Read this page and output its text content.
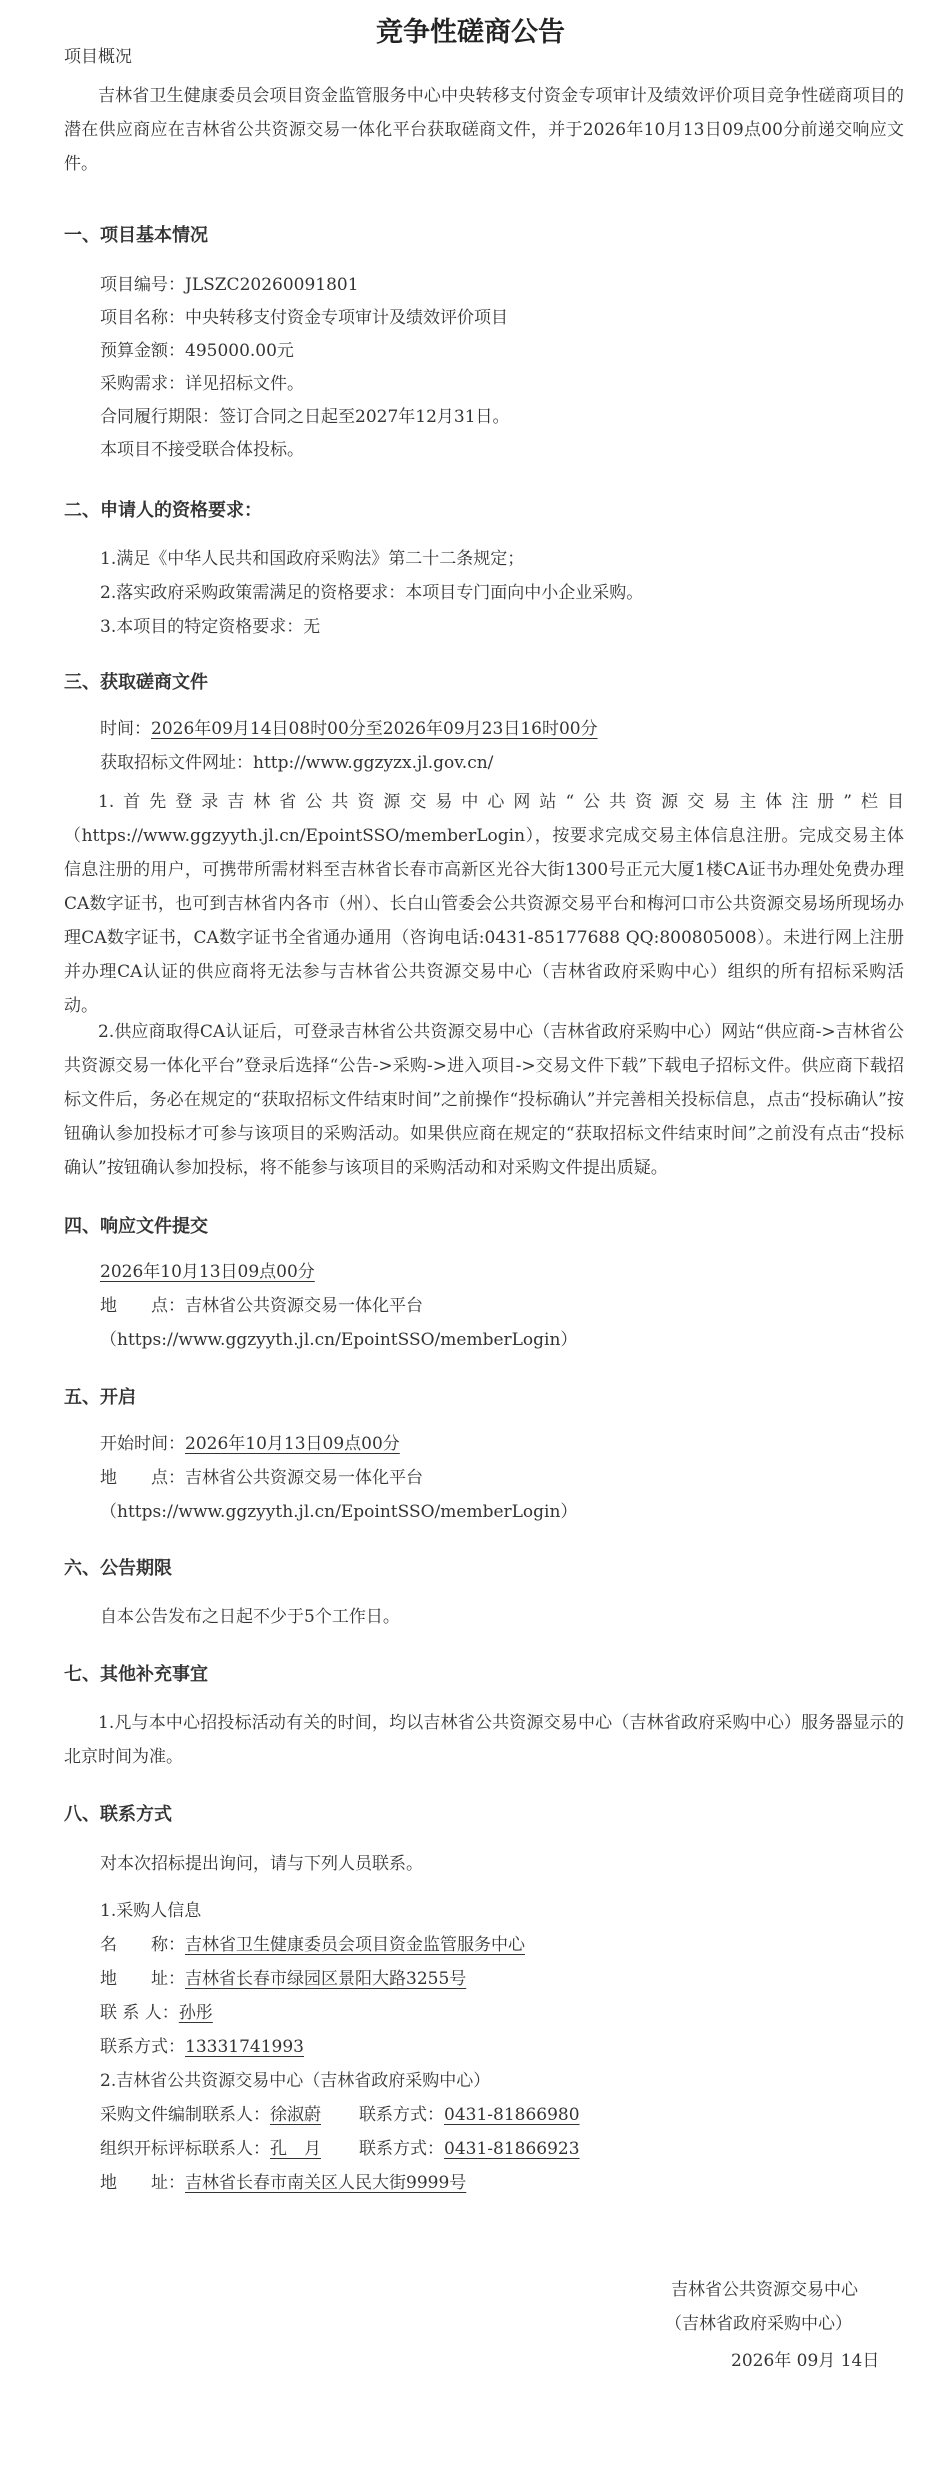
竞争性磋商公告
项目概况

吉林省卫生健康委员会项目资金监管服务中心中央转移支付资金专项审计及绩效评价项目竞争性磋商项目的潜在供应商应在吉林省公共资源交易一体化平台获取磋商文件，并于2026年10月13日09点00分前递交响应文件。

一、项目基本情况
项目编号：JLSZC20260091801
项目名称：中央转移支付资金专项审计及绩效评价项目
预算金额：495000.00元
采购需求：详见招标文件。
合同履行期限：签订合同之日起至2027年12月31日。
本项目不接受联合体投标。
二、申请人的资格要求：
1.满足《中华人民共和国政府采购法》第二十二条规定；
2.落实政府采购政策需满足的资格要求：本项目专门面向中小企业采购。
3.本项目的特定资格要求：无
三、获取磋商文件
时间：2026年09月14日08时00分至2026年09月23日16时00分
获取招标文件网址：http://www.ggzyzx.jl.gov.cn/

1.首先登录吉林省公共资源交易中心网站“公共资源交易主体注册”栏目（https://www.ggzyyth.jl.cn/EpointSSO/memberLogin），按要求完成交易主体信息注册。完成交易主体信息注册的用户，可携带所需材料至吉林省长春市高新区光谷大街1300号正元大厦1楼CA证书办理处免费办理CA数字证书，也可到吉林省内各市（州）、长白山管委会公共资源交易平台和梅河口市公共资源交易场所现场办理CA数字证书，CA数字证书全省通办通用（咨询电话:0431-85177688 QQ:800805008）。未进行网上注册并办理CA认证的供应商将无法参与吉林省公共资源交易中心（吉林省政府采购中心）组织的所有招标采购活动。

2.供应商取得CA认证后，可登录吉林省公共资源交易中心（吉林省政府采购中心）网站“供应商->吉林省公共资源交易一体化平台”登录后选择“公告->采购->进入项目->交易文件下载”下载电子招标文件。供应商下载招标文件后，务必在规定的“获取招标文件结束时间”之前操作“投标确认”并完善相关投标信息，点击“投标确认”按钮确认参加投标才可参与该项目的采购活动。如果供应商在规定的“获取招标文件结束时间”之前没有点击“投标确认”按钮确认参加投标，将不能参与该项目的采购活动和对采购文件提出质疑。

四、响应文件提交
2026年10月13日09点00分
地　　点：吉林省公共资源交易一体化平台
（https://www.ggzyyth.jl.cn/EpointSSO/memberLogin）
五、开启
开始时间：2026年10月13日09点00分
地　　点：吉林省公共资源交易一体化平台
（https://www.ggzyyth.jl.cn/EpointSSO/memberLogin）
六、公告期限
自本公告发布之日起不少于5个工作日。
七、其他补充事宜

1.凡与本中心招投标活动有关的时间，均以吉林省公共资源交易中心（吉林省政府采购中心）服务器显示的北京时间为准。

八、联系方式
对本次招标提出询问，请与下列人员联系。
1.采购人信息
名　　称：吉林省卫生健康委员会项目资金监管服务中心
地　　址：吉林省长春市绿园区景阳大路3255号
联 系 人：孙彤
联系方式：13331741993
2.吉林省公共资源交易中心（吉林省政府采购中心）
采购文件编制联系人：徐淑蔚 联系方式：0431-81866980
组织开标评标联系人：孔　月 联系方式：0431-81866923
地　　址：吉林省长春市南关区人民大街9999号
吉林省公共资源交易中心
（吉林省政府采购中心）
2026年 09月 14日
